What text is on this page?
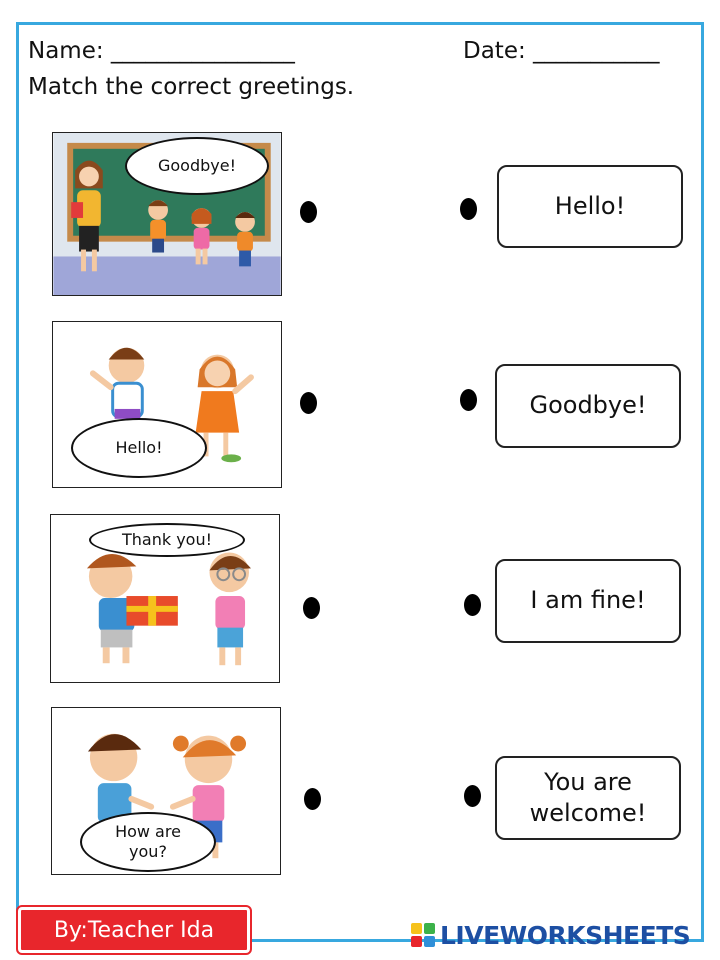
Name: ________________	Date: ___________
Match the correct greetings.
Goodbye!
Hello!
Thank you!
How are
you?
Hello!
Goodbye!
I am fine!
You are
welcome!
By:Teacher Ida	LIVEWORKSHEETS
